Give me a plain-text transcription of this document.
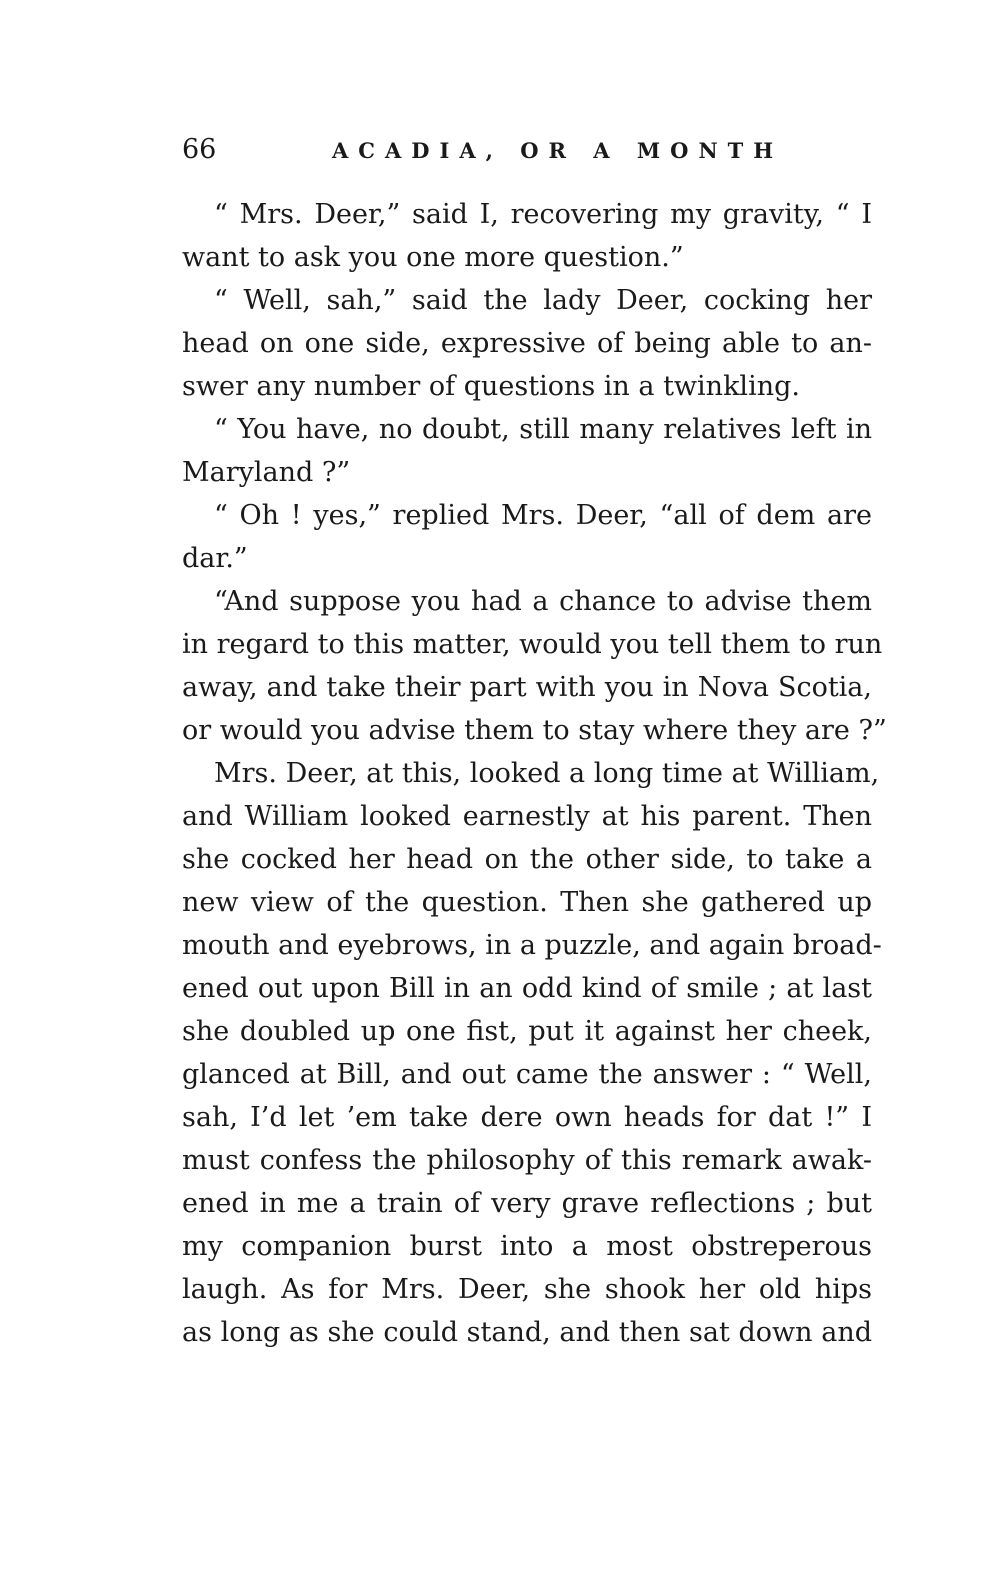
66	ACADIA, OR A MONTH
“ Mrs. Deer,” said I, recovering my gravity, “ I
want to ask you one more question.”
“ Well, sah,” said the lady Deer, cocking her
head on one side, expressive of being able to an-
swer any number of questions in a twinkling.
“ You have, no doubt, still many relatives left in
Maryland ?”
“ Oh ! yes,” replied Mrs. Deer, “all of dem are
dar.”
“And suppose you had a chance to advise them
in regard to this matter, would you tell them to run
away, and take their part with you in Nova Scotia,
or would you advise them to stay where they are ?”
Mrs. Deer, at this, looked a long time at William,
and William looked earnestly at his parent. Then
she cocked her head on the other side, to take a
new view of the question. Then she gathered up
mouth and eyebrows, in a puzzle, and again broad-
ened out upon Bill in an odd kind of smile ; at last
she doubled up one fist, put it against her cheek,
glanced at Bill, and out came the answer : “ Well,
sah, I’d let ’em take dere own heads for dat !” I
must confess the philosophy of this remark awak-
ened in me a train of very grave reflections ; but
my companion burst into a most obstreperous
laugh. As for Mrs. Deer, she shook her old hips
as long as she could stand, and then sat down and
